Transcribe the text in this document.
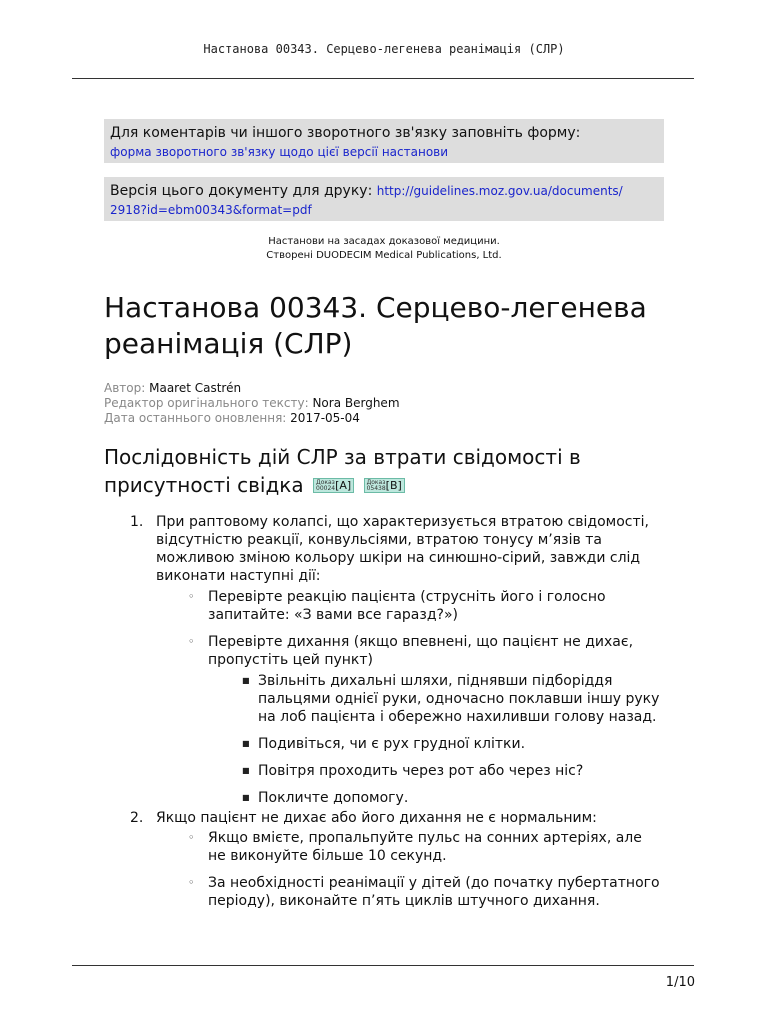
Настанова 00343. Серцево-легенева реанімація (СЛР)
Для коментарів чи іншого зворотного зв'язку заповніть форму:
форма зворотного зв'язку щодо цієї версії настанови
Версія цього документу для друку: http://guidelines.moz.gov.ua/documents/
2918?id=ebm00343&format=pdf
Настанови на засадах доказової медицини.
Створені DUODECIM Medical Publications, Ltd.
Настанова 00343. Серцево-легенева реанімація (СЛР)
Автор: Maaret Castrén
Редактор оригінального тексту: Nora Berghem
Дата останнього оновлення: 2017-05-04
Послідовність дій СЛР за втрати свідомості в присутності свідка Доказ
00024 [A]	Доказ
05438 [B]
1. При раптовому колапсі, що характеризується втратою свідомості, відсутністю реакції, конвульсіями, втратою тонусу м’язів та можливою зміною кольору шкіри на синюшно-сірий, завжди слід виконати наступні дії:
◦ Перевірте реакцію пацієнта (струсніть його і голосно запитайте: «З вами все гаразд?»)
◦ Перевірте дихання (якщо впевнені, що пацієнт не дихає, пропустіть цей пункт)
■ Звільніть дихальні шляхи, піднявши підборіддя пальцями однієї руки, одночасно поклавши іншу руку на лоб пацієнта і обережно нахиливши голову назад.
■ Подивіться, чи є рух грудної клітки.
■ Повітря проходить через рот або через ніс?
■ Покличте допомогу.
2. Якщо пацієнт не дихає або його дихання не є нормальним:
◦ Якщо вмієте, пропальпуйте пульс на сонних артеріях, але не виконуйте більше 10 секунд.
◦ За необхідності реанімації у дітей (до початку пубертатного періоду), виконайте п’ять циклів штучного дихання.
1/10
